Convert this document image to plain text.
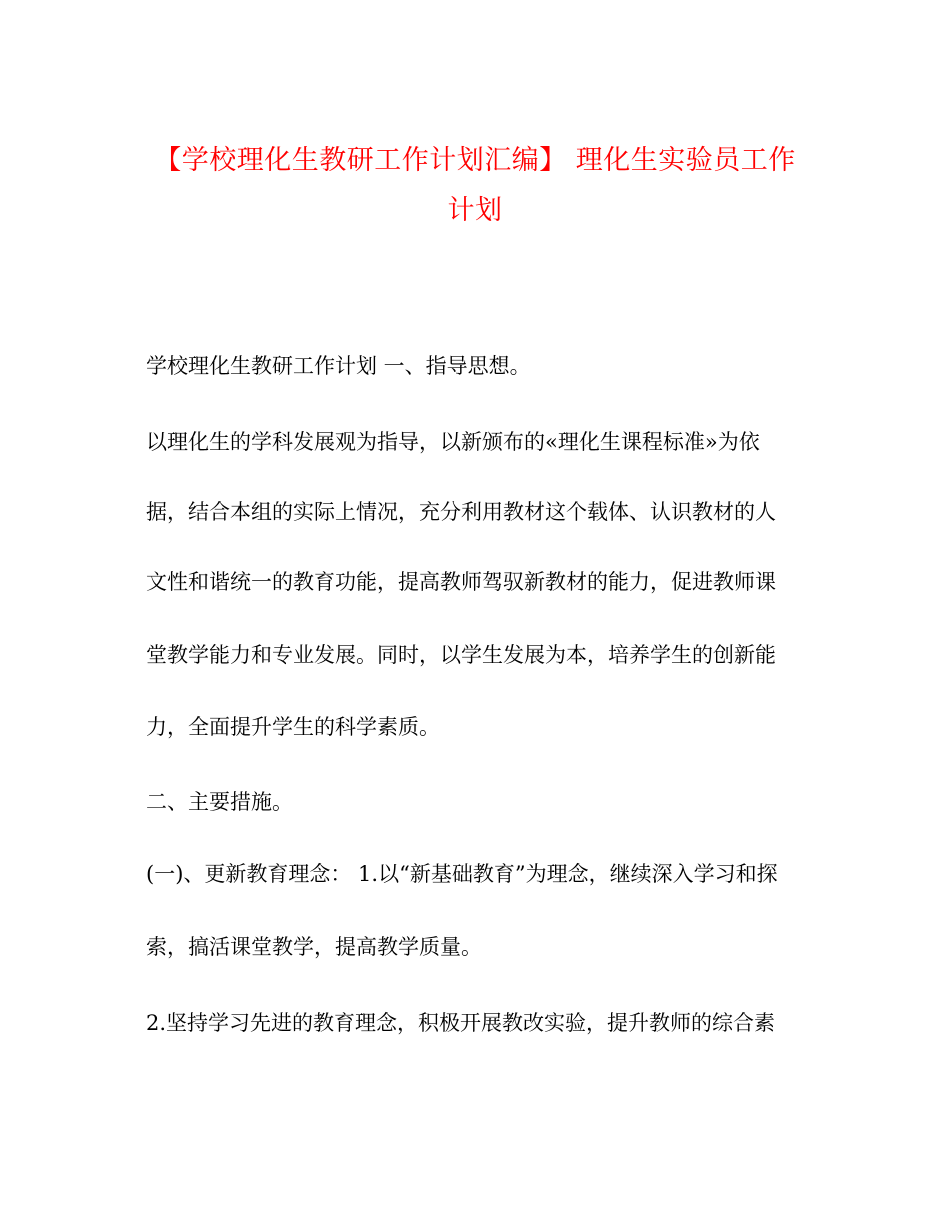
【学校理化生教研工作计划汇编】 理化生实验员工作
计划
学校理化生教研工作计划 一、指导思想。
以理化生的学科发展观为指导，以新颁布的«理化生课程标准»为依
据，结合本组的实际上情况，充分利用教材这个载体、认识教材的人
文性和谐统一的教育功能，提高教师驾驭新教材的能力，促进教师课
堂教学能力和专业发展。同时，以学生发展为本，培养学生的创新能
力，全面提升学生的科学素质。
二、主要措施。
(一)、更新教育理念： 1.以“新基础教育”为理念，继续深入学习和探
索，搞活课堂教学，提高教学质量。
2.坚持学习先进的教育理念，积极开展教改实验，提升教师的综合素
